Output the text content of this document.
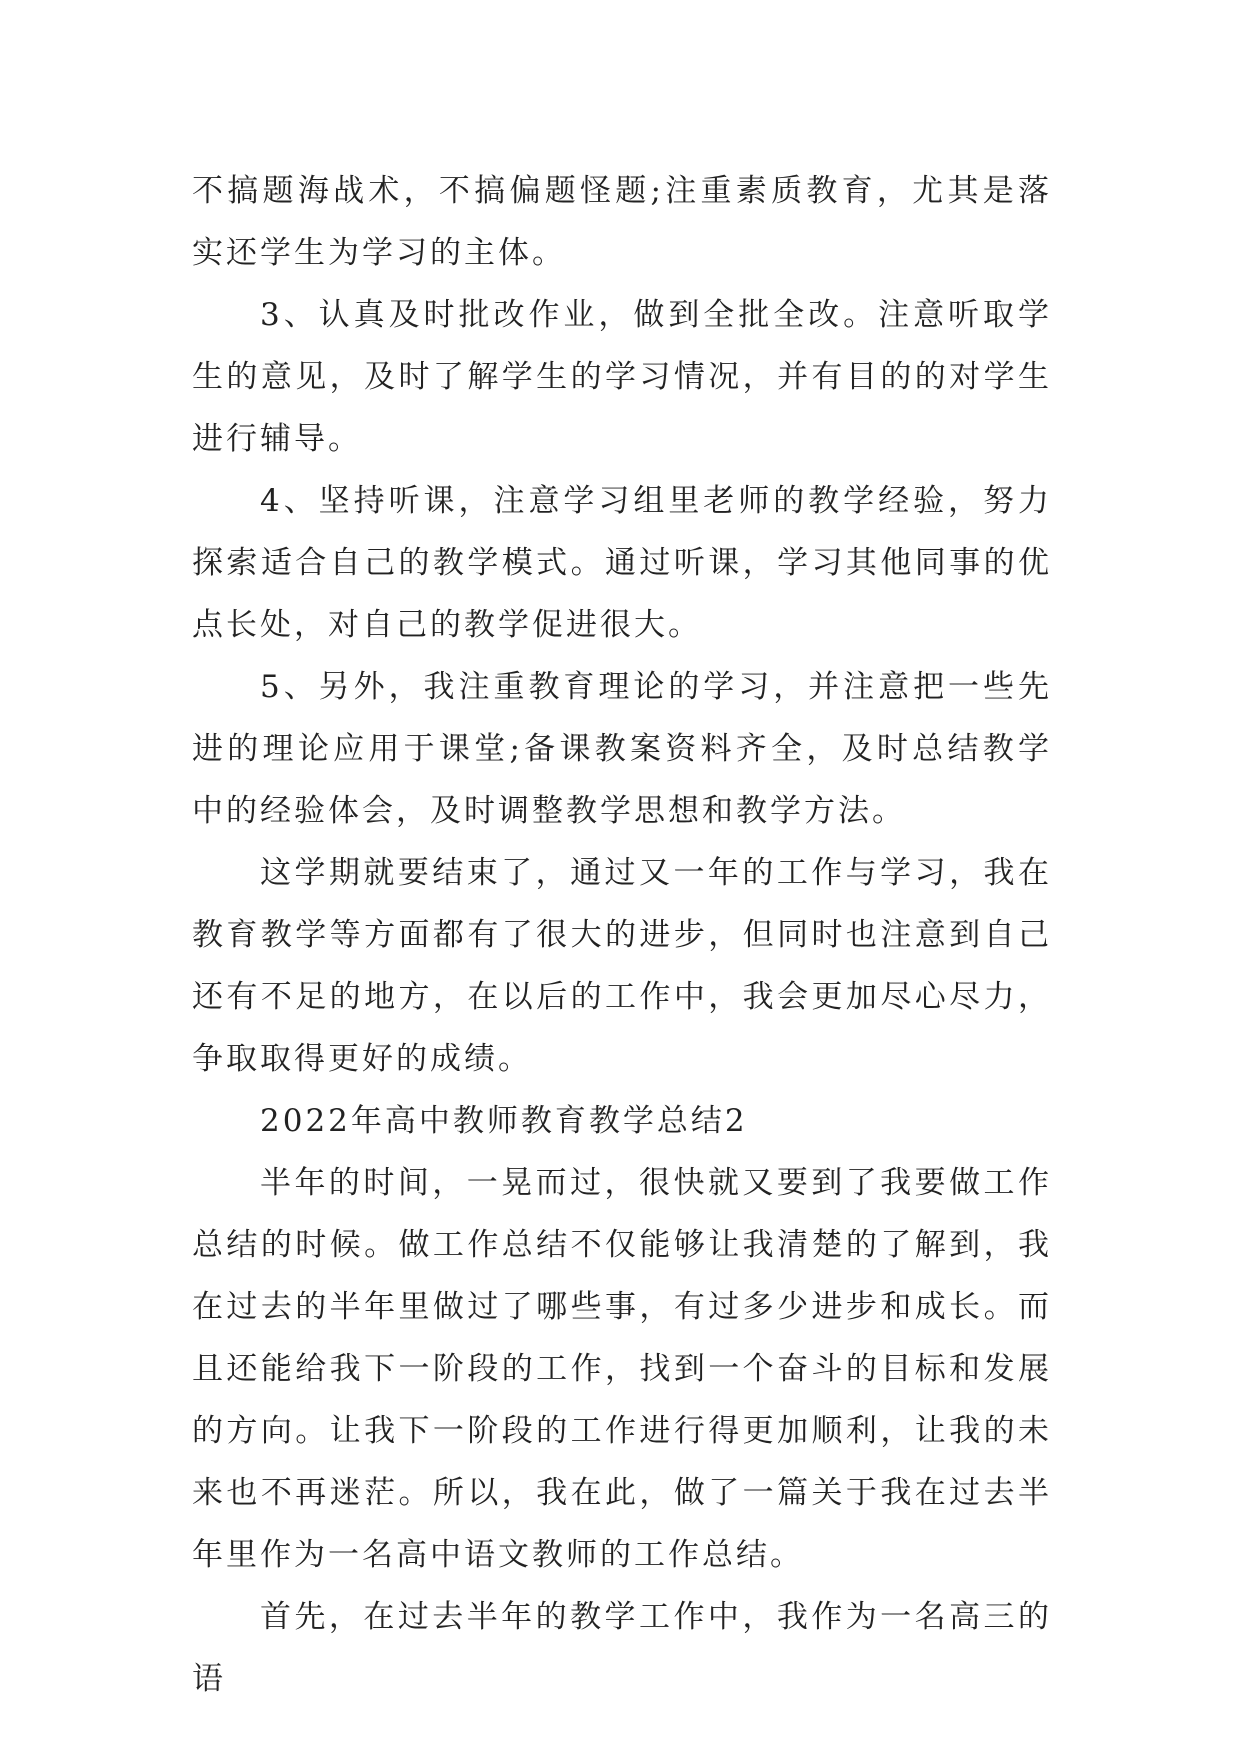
不搞题海战术，不搞偏题怪题;注重素质教育，尤其是落实还学生为学习的主体。

3、认真及时批改作业，做到全批全改。注意听取学生的意见，及时了解学生的学习情况，并有目的的对学生进行辅导。

4、坚持听课，注意学习组里老师的教学经验，努力探索适合自己的教学模式。通过听课，学习其他同事的优点长处，对自己的教学促进很大。

5、另外，我注重教育理论的学习，并注意把一些先进的理论应用于课堂;备课教案资料齐全，及时总结教学中的经验体会，及时调整教学思想和教学方法。

这学期就要结束了，通过又一年的工作与学习，我在教育教学等方面都有了很大的进步，但同时也注意到自己还有不足的地方，在以后的工作中，我会更加尽心尽力，争取取得更好的成绩。

2022年高中教师教育教学总结2

半年的时间，一晃而过，很快就又要到了我要做工作总结的时候。做工作总结不仅能够让我清楚的了解到，我在过去的半年里做过了哪些事，有过多少进步和成长。而且还能给我下一阶段的工作，找到一个奋斗的目标和发展的方向。让我下一阶段的工作进行得更加顺利，让我的未来也不再迷茫。所以，我在此，做了一篇关于我在过去半年里作为一名高中语文教师的工作总结。

首先，在过去半年的教学工作中，我作为一名高三的语
